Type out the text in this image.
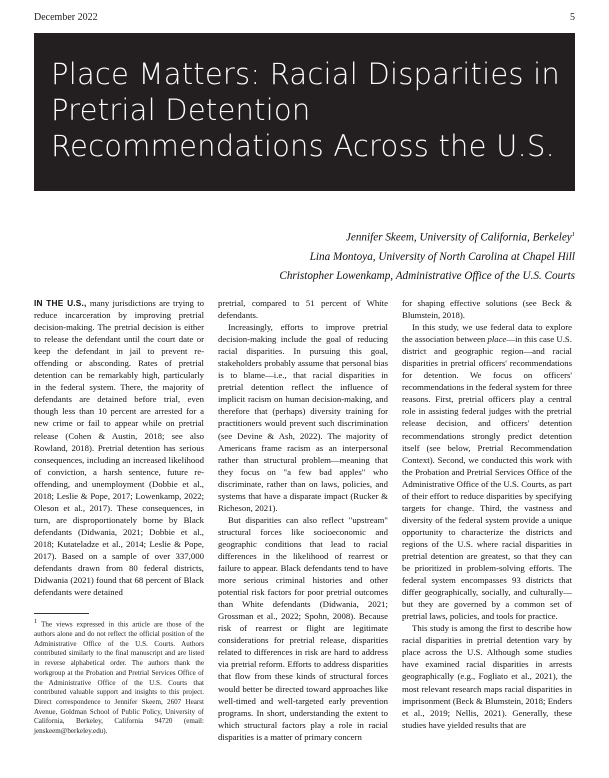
December 2022	5
Place Matters: Racial Disparities in Pretrial Detention Recommendations Across the U.S.
Jennifer Skeem, University of California, Berkeley$^1$
Lina Montoya, University of North Carolina at Chapel Hill
Christopher Lowenkamp, Administrative Office of the U.S. Courts

IN THE U.S., many jurisdictions are trying to reduce incarceration by improving pretrial decision-making. The pretrial decision is either to release the defendant until the court date or keep the defendant in jail to prevent re-offending or absconding. Rates of pretrial detention can be remarkably high, particularly in the federal system. There, the majority of defendants are detained before trial, even though less than 10 percent are arrested for a new crime or fail to appear while on pretrial release (Cohen & Austin, 2018; see also Rowland, 2018). Pretrial detention has serious consequences, including an increased likelihood of conviction, a harsh sentence, future re-offending, and unemployment (Dobbie et al., 2018; Leslie & Pope, 2017; Lowenkamp, 2022; Oleson et al., 2017). These consequences, in turn, are disproportionately borne by Black defendants (Didwania, 2021; Dobbie et al., 2018; Kutateladze et al., 2014; Leslie & Pope, 2017). Based on a sample of over 337,000 defendants drawn from 80 federal districts, Didwania (2021) found that 68 percent of Black defendants were detained

$^1$ The views expressed in this article are those of the authors alone and do not reflect the official position of the Administrative Office of the U.S. Courts. Authors contributed similarly to the final manuscript and are listed in reverse alphabetical order. The authors thank the workgroup at the Probation and Pretrial Services Office of the Administrative Office of the U.S. Courts that contributed valuable support and insights to this project. Direct correspondence to Jennifer Skeem, 2607 Hearst Avenue, Goldman School of Public Policy, University of California, Berkeley, California 94720 (email: jenskeem@berkeley.edu).

pretrial, compared to 51 percent of White defendants.

Increasingly, efforts to improve pretrial decision-making include the goal of reducing racial disparities. In pursuing this goal, stakeholders probably assume that personal bias is to blame—i.e., that racial disparities in pretrial detention reflect the influence of implicit racism on human decision-making, and therefore that (perhaps) diversity training for practitioners would prevent such discrimination (see Devine & Ash, 2022). The majority of Americans frame racism as an interpersonal rather than structural problem—meaning that they focus on "a few bad apples" who discriminate, rather than on laws, policies, and systems that have a disparate impact (Rucker & Richeson, 2021).

But disparities can also reflect "upstream" structural forces like socioeconomic and geographic conditions that lead to racial differences in the likelihood of rearrest or failure to appear. Black defendants tend to have more serious criminal histories and other potential risk factors for poor pretrial outcomes than White defendants (Didwania, 2021; Grossman et al., 2022; Spohn, 2008). Because risk of rearrest or flight are legitimate considerations for pretrial release, disparities related to differences in risk are hard to address via pretrial reform. Efforts to address disparities that flow from these kinds of structural forces would better be directed toward approaches like well-timed and well-targeted early prevention programs. In short, understanding the extent to which structural factors play a role in racial disparities is a matter of primary concern

for shaping effective solutions (see Beck & Blumstein, 2018).

In this study, we use federal data to explore the association between place—in this case U.S. district and geographic region—and racial disparities in pretrial officers' recommendations for detention. We focus on officers' recommendations in the federal system for three reasons. First, pretrial officers play a central role in assisting federal judges with the pretrial release decision, and officers' detention recommendations strongly predict detention itself (see below, Pretrial Recommendation Context). Second, we conducted this work with the Probation and Pretrial Services Office of the Administrative Office of the U.S. Courts, as part of their effort to reduce disparities by specifying targets for change. Third, the vastness and diversity of the federal system provide a unique opportunity to characterize the districts and regions of the U.S. where racial disparities in pretrial detention are greatest, so that they can be prioritized in problem-solving efforts. The federal system encompasses 93 districts that differ geographically, socially, and culturally—but they are governed by a common set of pretrial laws, policies, and tools for practice.

This study is among the first to describe how racial disparities in pretrial detention vary by place across the U.S. Although some studies have examined racial disparities in arrests geographically (e.g., Fogliato et al., 2021), the most relevant research maps racial disparities in imprisonment (Beck & Blumstein, 2018; Enders et al., 2019; Nellis, 2021). Generally, these studies have yielded results that are
